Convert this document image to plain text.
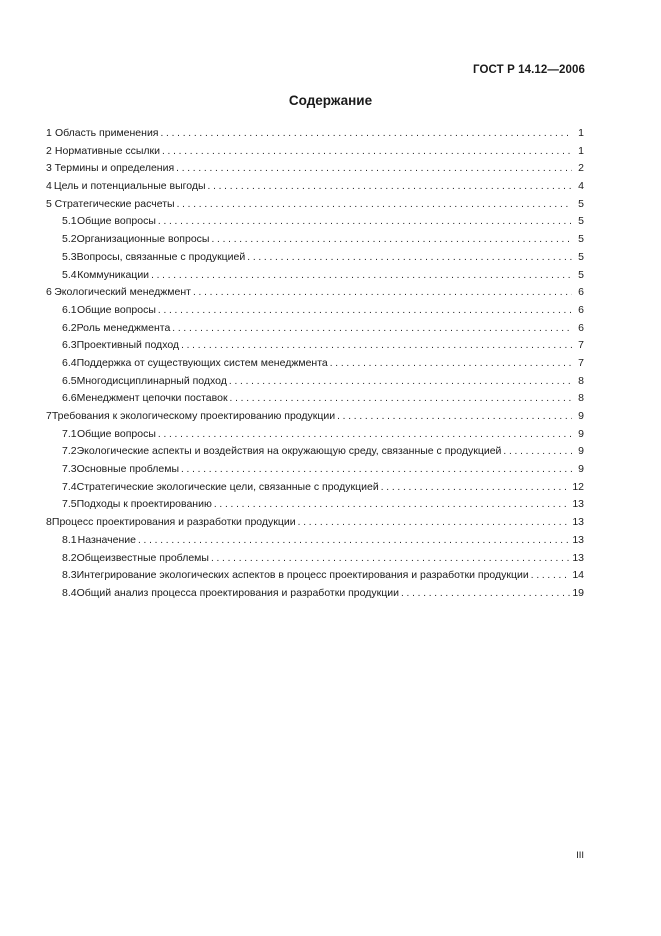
ГОСТ Р 14.12—2006
Содержание
1 Область применения . . .	1
2 Нормативные ссылки . . .	1
3 Термины и определения . . .	2
4 Цель и потенциальные выгоды . . .	4
5 Стратегические расчеты . . .	5
5.1 Общие вопросы . . .	5
5.2 Организационные вопросы . . .	5
5.3 Вопросы, связанные с продукцией . . .	5
5.4 Коммуникации . . .	5
6 Экологический менеджмент . . .	6
6.1 Общие вопросы . . .	6
6.2 Роль менеджмента . . .	6
6.3 Проективный подход . . .	7
6.4 Поддержка от существующих систем менеджмента . . .	7
6.5 Многодисциплинарный подход . . .	8
6.6 Менеджмент цепочки поставок . . .	8
7 Требования к экологическому проектированию продукции . . .	9
7.1 Общие вопросы . . .	9
7.2 Экологические аспекты и воздействия на окружающую среду, связанные с продукцией . . .	9
7.3 Основные проблемы . . .	9
7.4 Стратегические экологические цели, связанные с продукцией . . .	12
7.5 Подходы к проектированию . . .	13
8 Процесс проектирования и разработки продукции . . .	13
8.1 Назначение . . .	13
8.2 Общеизвестные проблемы . . .	13
8.3 Интегрирование экологических аспектов в процесс проектирования и разработки продукции . . .	14
8.4 Общий анализ процесса проектирования и разработки продукции . . .	19
III
